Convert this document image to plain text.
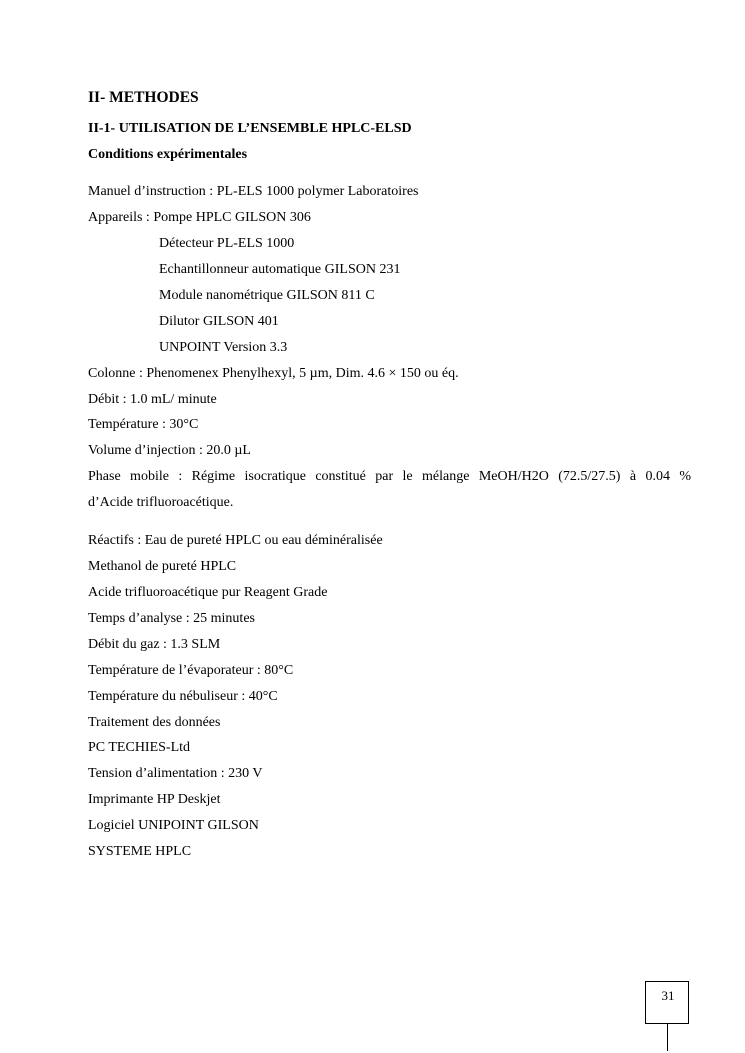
II- METHODES
II-1- UTILISATION DE L’ENSEMBLE HPLC-ELSD
Conditions expérimentales
Manuel d’instruction : PL-ELS 1000 polymer Laboratoires
Appareils : Pompe HPLC GILSON 306
Détecteur PL-ELS 1000
Echantillonneur automatique GILSON 231
Module nanométrique GILSON 811 C
Dilutor GILSON 401
UNPOINT Version 3.3
Colonne : Phenomenex Phenylhexyl, 5 µm, Dim. 4.6 × 150 ou éq.
Débit : 1.0 mL/ minute
Température : 30°C
Volume d’injection : 20.0 µL
Phase mobile : Régime isocratique constitué par le mélange MeOH/H2O (72.5/27.5) à 0.04 %
d’Acide trifluoroacétique.
Réactifs : Eau de pureté HPLC ou eau déminéralisée
Methanol de pureté HPLC
Acide trifluoroacétique pur Reagent Grade
Temps d’analyse : 25 minutes
Débit du gaz : 1.3 SLM
Température de l’évaporateur : 80°C
Température du nébuliseur : 40°C
Traitement des données
PC TECHIES-Ltd
Tension d’alimentation : 230 V
Imprimante HP Deskjet
Logiciel UNIPOINT GILSON
SYSTEME HPLC
31
